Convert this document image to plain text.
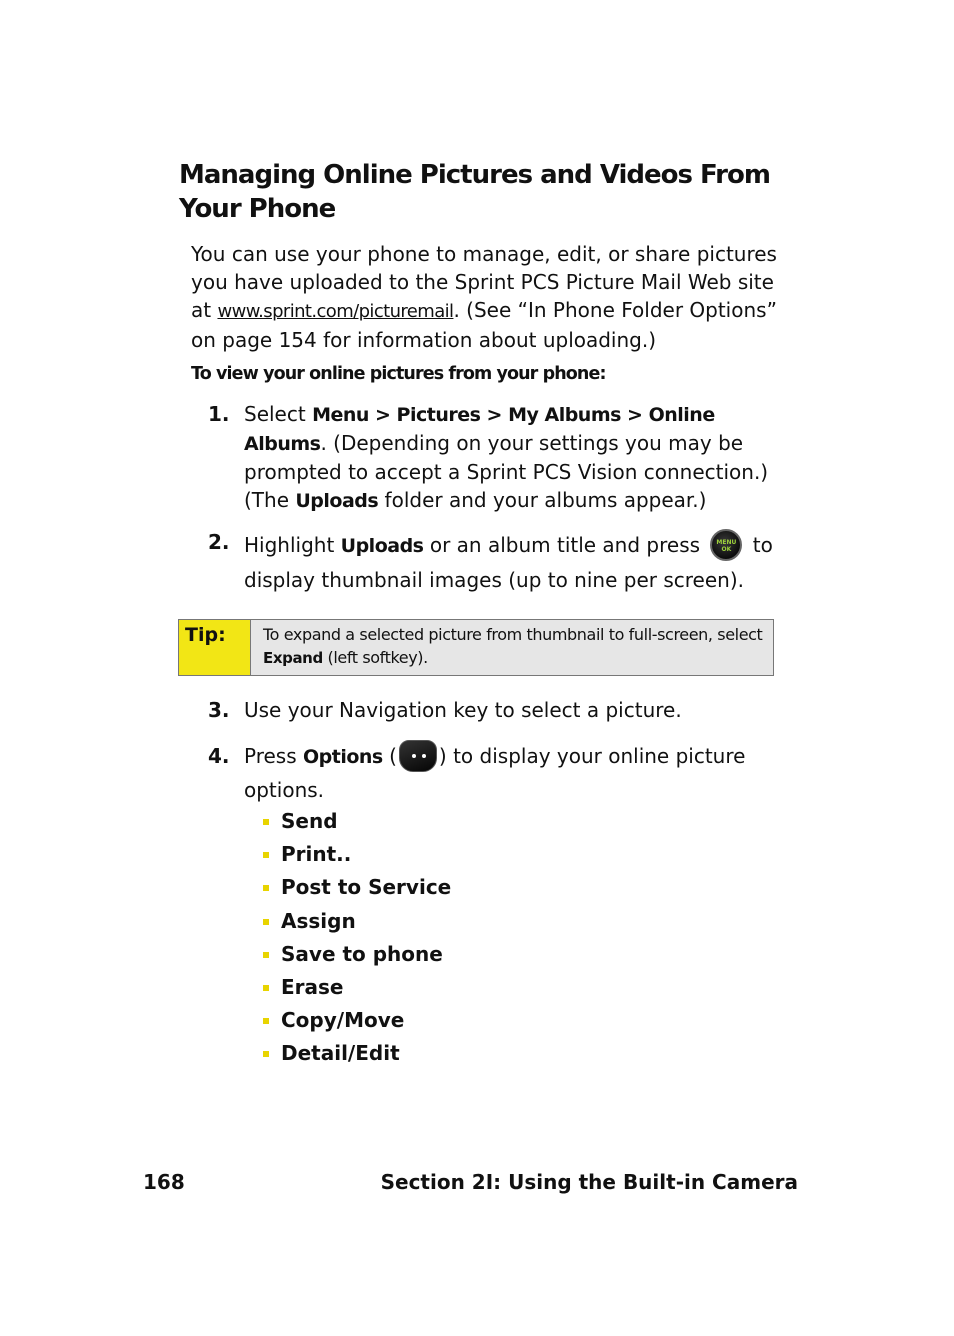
Managing Online Pictures and Videos From Your Phone

You can use your phone to manage, edit, or share pictures you have uploaded to the Sprint PCS Picture Mail Web site at www.sprint.com/picturemail. (See “In Phone Folder Options” on page 154 for information about uploading.)

To view your online pictures from your phone:

1. Select Menu > Pictures > My Albums > Online Albums. (Depending on your settings you may be prompted to accept a Sprint PCS Vision connection.) (The Uploads folder and your albums appear.)
2. Highlight Uploads or an album title and press	MENU OK to display thumbnail images (up to nine per screen).
Tip:	To expand a selected picture from thumbnail to full-screen, select Expand (left softkey).
3. Use your Navigation key to select a picture.
4. Press Options ( ) to display your online picture options.
Send
Print..
Post to Service
Assign
Save to phone
Erase
Copy/Move
Detail/Edit
168	Section 2I: Using the Built-in Camera
